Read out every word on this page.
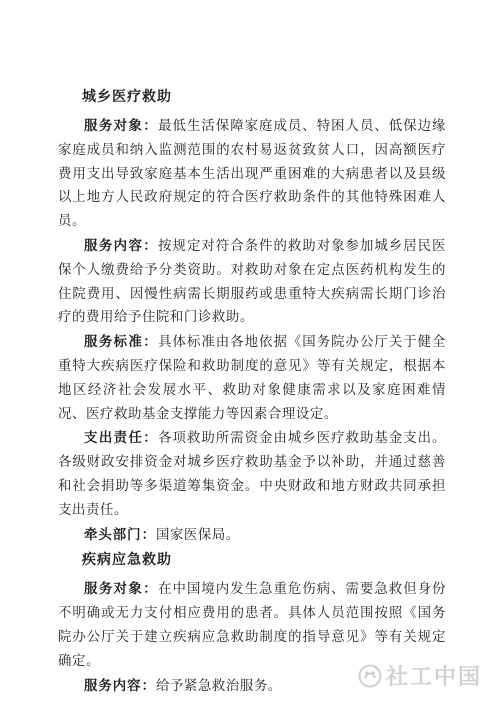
城乡医疗救助

服务对象：最低生活保障家庭成员、特困人员、低保边缘家庭成员和纳入监测范围的农村易返贫致贫人口，因高额医疗费用支出导致家庭基本生活出现严重困难的大病患者以及县级以上地方人民政府规定的符合医疗救助条件的其他特殊困难人员。

服务内容：按规定对符合条件的救助对象参加城乡居民医保个人缴费给予分类资助。对救助对象在定点医药机构发生的住院费用、因慢性病需长期服药或患重特大疾病需长期门诊治疗的费用给予住院和门诊救助。

服务标准：具体标准由各地依据《国务院办公厅关于健全重特大疾病医疗保险和救助制度的意见》等有关规定，根据本地区经济社会发展水平、救助对象健康需求以及家庭困难情况、医疗救助基金支撑能力等因素合理设定。

支出责任：各项救助所需资金由城乡医疗救助基金支出。各级财政安排资金对城乡医疗救助基金予以补助，并通过慈善和社会捐助等多渠道筹集资金。中央财政和地方财政共同承担支出责任。

牵头部门：国家医保局。

疾病应急救助

服务对象：在中国境内发生急重危伤病、需要急救但身份不明确或无力支付相应费用的患者。具体人员范围按照《国务院办公厅关于建立疾病应急救助制度的指导意见》等有关规定确定。

服务内容：给予紧急救治服务。	社工中国
